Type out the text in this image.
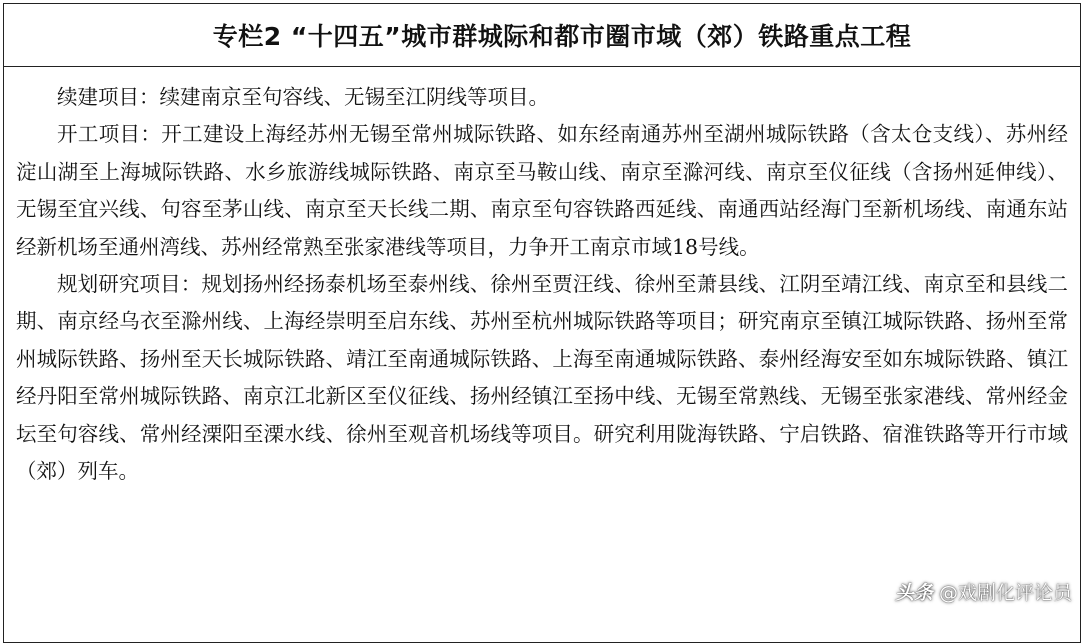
专栏2 “十四五”城市群城际和都市圈市域（郊）铁路重点工程

续建项目：续建南京至句容线、无锡至江阴线等项目。

开工项目：开工建设上海经苏州无锡至常州城际铁路、如东经南通苏州至湖州城际铁路（含太仓支线）、苏州经淀山湖至上海城际铁路、水乡旅游线城际铁路、南京至马鞍山线、南京至滁河线、南京至仪征线（含扬州延伸线）、无锡至宜兴线、句容至茅山线、南京至天长线二期、南京至句容铁路西延线、南通西站经海门至新机场线、南通东站经新机场至通州湾线、苏州经常熟至张家港线等项目，力争开工南京市域18号线。

规划研究项目：规划扬州经扬泰机场至泰州线、徐州至贾汪线、徐州至萧县线、江阴至靖江线、南京至和县线二期、南京经乌衣至滁州线、上海经崇明至启东线、苏州至杭州城际铁路等项目；研究南京至镇江城际铁路、扬州至常州城际铁路、扬州至天长城际铁路、靖江至南通城际铁路、上海至南通城际铁路、泰州经海安至如东城际铁路、镇江经丹阳至常州城际铁路、南京江北新区至仪征线、扬州经镇江至扬中线、无锡至常熟线、无锡至张家港线、常州经金坛至句容线、常州经溧阳至溧水线、徐州至观音机场线等项目。研究利用陇海铁路、宁启铁路、宿淮铁路等开行市域（郊）列车。

头条 @戏剧化评论员
